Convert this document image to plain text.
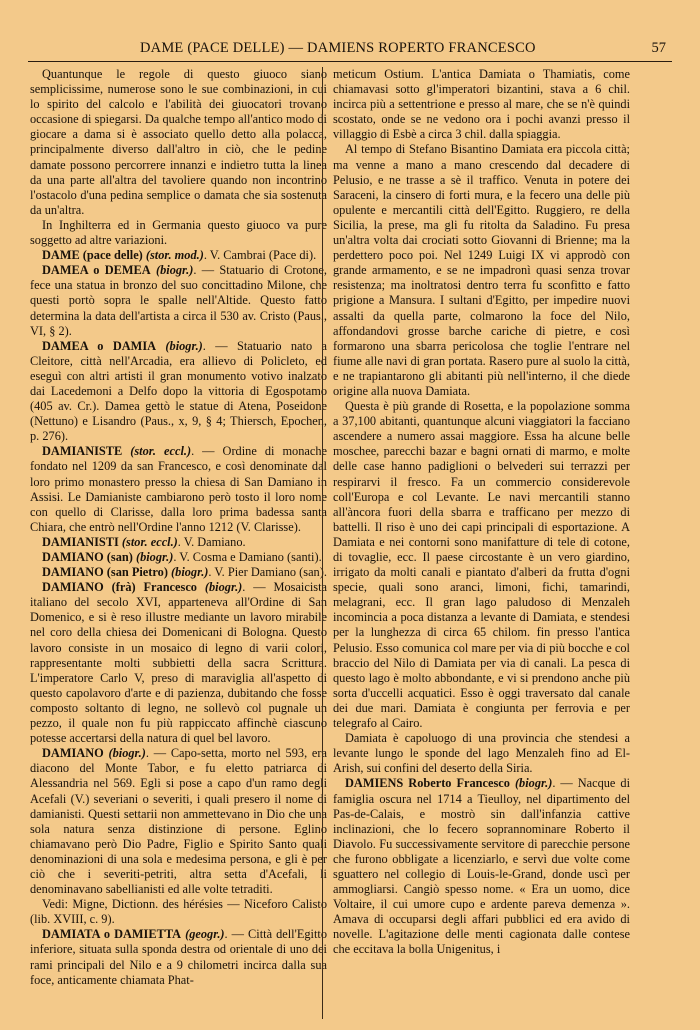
DAME (PACE DELLE) — DAMIENS ROPERTO FRANCESCO	57

Quantunque le regole di questo giuoco siano semplicissime, numerose sono le sue combinazioni, in cui lo spirito del calcolo e l'abilità dei giuocatori trovano occasione di spiegarsi. Da qualche tempo all'antico modo di giocare a dama si è associato quello detto alla polacca, principalmente diverso dall'altro in ciò, che le pedine damate possono percorrere innanzi e indietro tutta la linea da una parte all'altra del tavoliere quando non incontrino l'ostacolo d'una pedina semplice o damata che sia sostenuta da un'altra.

In Inghilterra ed in Germania questo giuoco va pure soggetto ad altre variazioni.

DAME (pace delle) (stor. mod.). V. Cambrai (Pace di).

DAMEA o DEMEA (biogr.). — Statuario di Crotone, fece una statua in bronzo del suo concittadino Milone, che questi portò sopra le spalle nell'Altide. Questo fatto determina la data dell'artista a circa il 530 av. Cristo (Paus., VI, § 2).

DAMEA o DAMIA (biogr.). — Statuario nato a Cleitore, città nell'Arcadia, era allievo di Policleto, ed eseguì con altri artisti il gran monumento votivo inalzato dai Lacedemoni a Delfo dopo la vittoria di Egospotamo (405 av. Cr.). Damea gettò le statue di Atena, Poseidone (Nettuno) e Lisandro (Paus., x, 9, § 4; Thiersch, Epochen, p. 276).

DAMIANISTE (stor. eccl.). — Ordine di monache fondato nel 1209 da san Francesco, e così denominate dal loro primo monastero presso la chiesa di San Damiano in Assisi. Le Damianiste cambiarono però tosto il loro nome con quello di Clarisse, dalla loro prima badessa santa Chiara, che entrò nell'Ordine l'anno 1212 (V. Clarisse).

DAMIANISTI (stor. eccl.). V. Damiano.

DAMIANO (san) (biogr.). V. Cosma e Damiano (santi).

DAMIANO (san Pietro) (biogr.). V. Pier Damiano (san).

DAMIANO (frà) Francesco (biogr.). — Mosaicista italiano del secolo XVI, apparteneva all'Ordine di San Domenico, e si è reso illustre mediante un lavoro mirabile nel coro della chiesa dei Domenicani di Bologna. Questo lavoro consiste in un mosaico di legno di varii colori, rappresentante molti subbietti della sacra Scrittura. L'imperatore Carlo V, preso di maraviglia all'aspetto di questo capolavoro d'arte e di pazienza, dubitando che fosse composto soltanto di legno, ne sollevò col pugnale un pezzo, il quale non fu più rappiccato affinchè ciascuno potesse accertarsi della natura di quel bel lavoro.

DAMIANO (biogr.). — Capo-setta, morto nel 593, era diacono del Monte Tabor, e fu eletto patriarca di Alessandria nel 569. Egli si pose a capo d'un ramo degli Acefali (V.) severiani o severiti, i quali presero il nome di damianisti. Questi settarii non ammettevano in Dio che una sola natura senza distinzione di persone. Eglino chiamavano però Dio Padre, Figlio e Spirito Santo quali denominazioni di una sola e medesima persona, e gli è per ciò che i severiti-petriti, altra setta d'Acefali, li denominavano sabellianisti ed alle volte tetraditi.

Vedi: Migne, Dictionn. des hérésies — Niceforo Calisto (lib. XVIII, c. 9).

DAMIATA o DAMIETTA (geogr.). — Città dell'Egitto inferiore, situata sulla sponda destra od orientale di uno dei rami principali del Nilo e a 9 chilometri incirca dalla sua foce, anticamente chiamata Phat-

meticum Ostium. L'antica Damiata o Thamiatis, come chiamavasi sotto gl'imperatori bizantini, stava a 6 chil. incirca più a settentrione e presso al mare, che se n'è quindi scostato, onde se ne vedono ora i pochi avanzi presso il villaggio di Esbè a circa 3 chil. dalla spiaggia.

Al tempo di Stefano Bisantino Damiata era piccola città; ma venne a mano a mano crescendo dal decadere di Pelusio, e ne trasse a sè il traffico. Venuta in potere dei Saraceni, la cinsero di forti mura, e la fecero una delle più opulente e mercantili città dell'Egitto. Ruggiero, re della Sicilia, la prese, ma gli fu ritolta da Saladino. Fu presa un'altra volta dai crociati sotto Giovanni di Brienne; ma la perdettero poco poi. Nel 1249 Luigi IX vi approdò con grande armamento, e se ne impadronì quasi senza trovar resistenza; ma inoltratosi dentro terra fu sconfitto e fatto prigione a Mansura. I sultani d'Egitto, per impedire nuovi assalti da quella parte, colmarono la foce del Nilo, affondandovi grosse barche cariche di pietre, e così formarono una sbarra pericolosa che toglie l'entrare nel fiume alle navi di gran portata. Rasero pure al suolo la città, e ne trapiantarono gli abitanti più nell'interno, il che diede origine alla nuova Damiata.

Questa è più grande di Rosetta, e la popolazione somma a 37,100 abitanti, quantunque alcuni viaggiatori la facciano ascendere a numero assai maggiore. Essa ha alcune belle moschee, parecchi bazar e bagni ornati di marmo, e molte delle case hanno padiglioni o belvederi sui terrazzi per respirarvi il fresco. Fa un commercio considerevole coll'Europa e col Levante. Le navi mercantili stanno all'àncora fuori della sbarra e trafficano per mezzo di battelli. Il riso è uno dei capi principali di esportazione. A Damiata e nei contorni sono manifatture di tele di cotone, di tovaglie, ecc. Il paese circostante è un vero giardino, irrigato da molti canali e piantato d'alberi da frutta d'ogni specie, quali sono aranci, limoni, fichi, tamarindi, melagrani, ecc. Il gran lago paludoso di Menzaleh incomincia a poca distanza a levante di Damiata, e stendesi per la lunghezza di circa 65 chilom. fin presso l'antica Pelusio. Esso comunica col mare per via di più bocche e col braccio del Nilo di Damiata per via di canali. La pesca di questo lago è molto abbondante, e vi si prendono anche più sorta d'uccelli acquatici. Esso è oggi traversato dal canale dei due mari. Damiata è congiunta per ferrovia e per telegrafo al Cairo.

Damiata è capoluogo di una provincia che stendesi a levante lungo le sponde del lago Menzaleh fino ad El-Arish, sui confini del deserto della Siria.

DAMIENS Roberto Francesco (biogr.). — Nacque di famiglia oscura nel 1714 a Tieulloy, nel dipartimento del Pas-de-Calais, e mostrò sin dall'infanzia cattive inclinazioni, che lo fecero soprannominare Roberto il Diavolo. Fu successivamente servitore di parecchie persone che furono obbligate a licenziarlo, e servì due volte come sguattero nel collegio di Louis-le-Grand, donde uscì per ammogliarsi. Cangiò spesso nome. « Era un uomo, dice Voltaire, il cui umore cupo e ardente pareva demenza ». Amava di occuparsi degli affari pubblici ed era avido di novelle. L'agitazione delle menti cagionata dalle contese che eccitava la bolla Unigenitus, i
